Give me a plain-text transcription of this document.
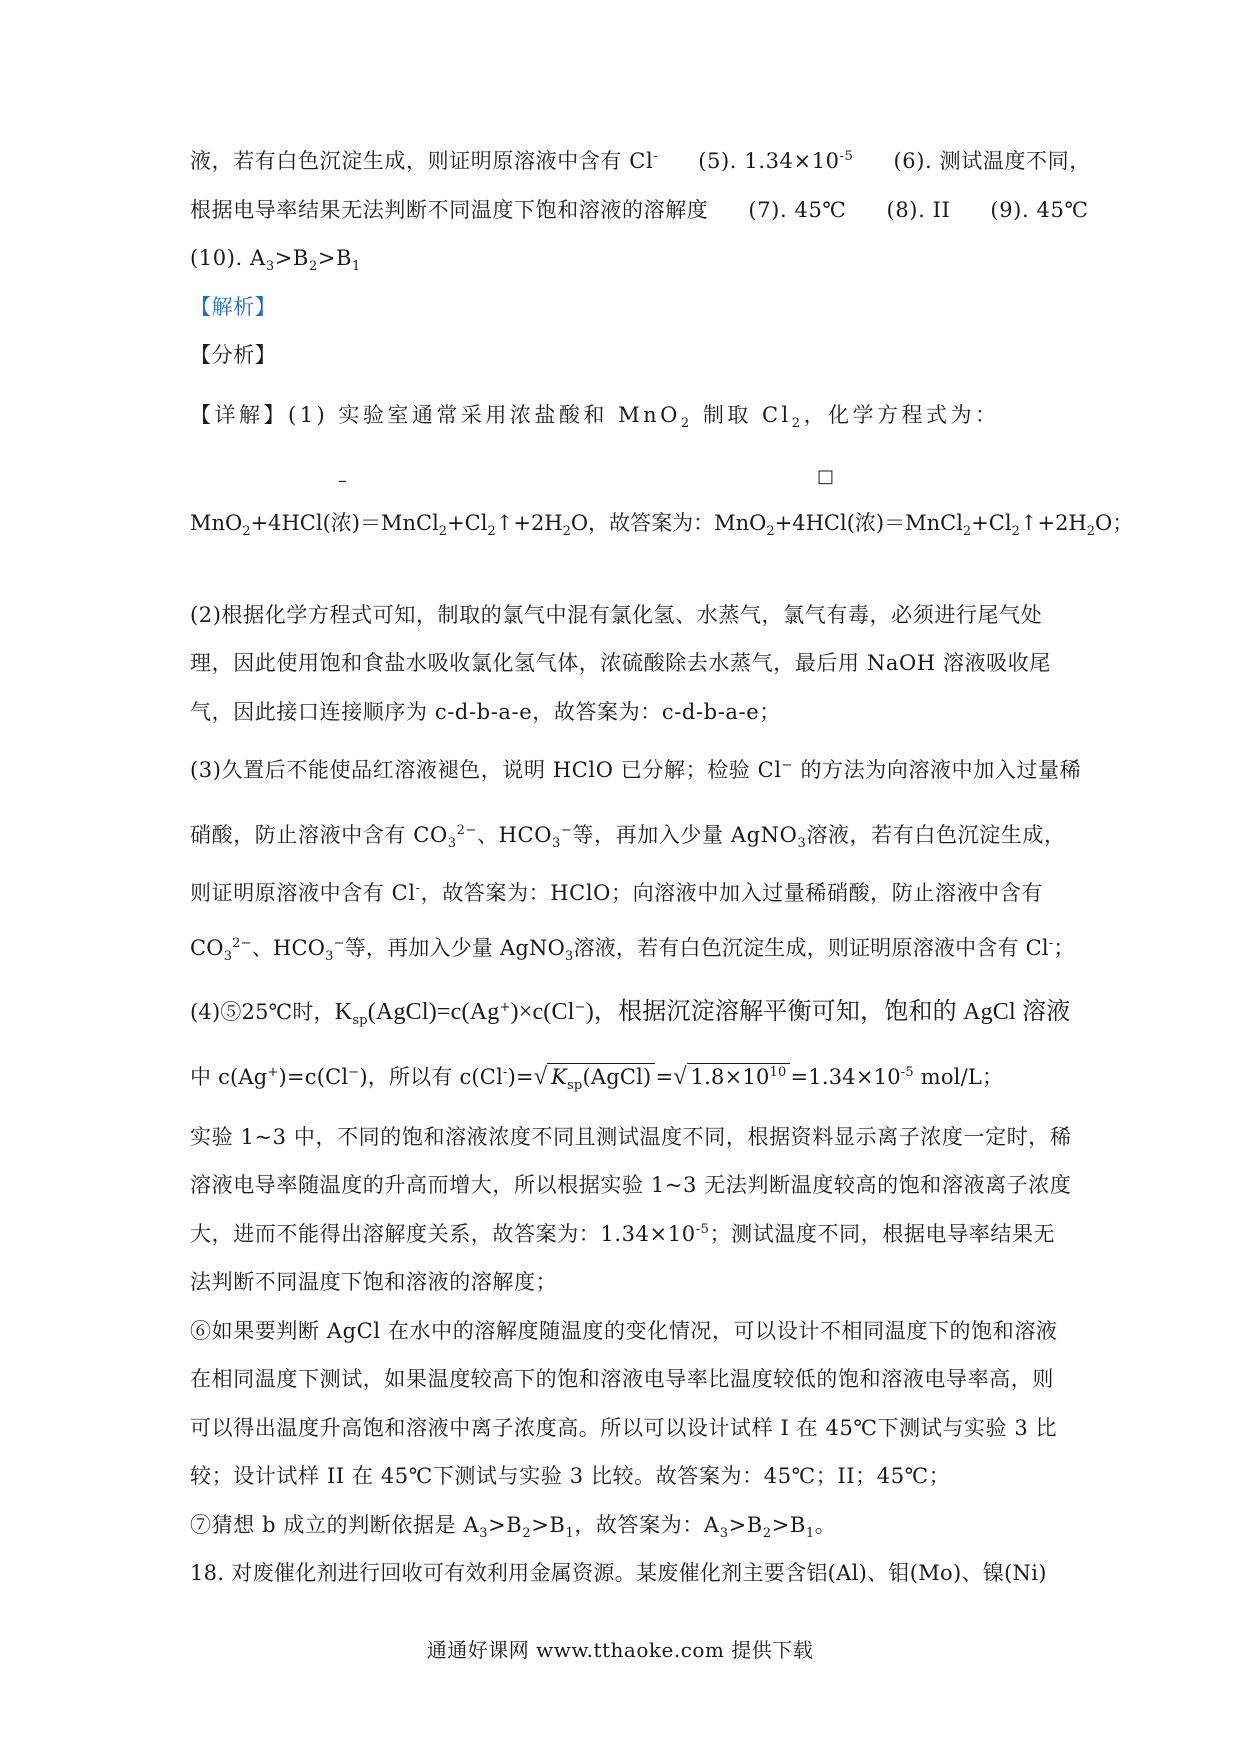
液，若有白色沉淀生成，则证明原溶液中含有 Cl- (5). $1.34\times 10^{-5}$ (6). 测试温度不同，
根据电导率结果无法判断不同温度下饱和溶液的溶解度 (7). 45℃ (8). II (9). 45℃
(10). $A_3>B_2>B_1$
【解析】
【分析】
【详解】(1) 实验室通常采用浓盐酸和 MnO$_2$ 制取 $Cl_2$，化学方程式为：
–	□
MnO$_2$+4HCl(浓)$=MnCl_2+Cl_2↑+2H_2O$，故答案为：MnO$_2$+4HCl(浓)$=MnCl_2+Cl_2↑+2H_2O$；
(2)根据化学方程式可知，制取的氯气中混有氯化氢、水蒸气，氯气有毒，必须进行尾气处
理，因此使用饱和食盐水吸收氯化氢气体，浓硫酸除去水蒸气，最后用 NaOH 溶液吸收尾
气，因此接口连接顺序为 c-d-b-a-e，故答案为：c-d-b-a-e；
(3)久置后不能使品红溶液褪色，说明 HClO 已分解；检验 Cl− 的方法为向溶液中加入过量稀
硝酸，防止溶液中含有 $CO_3^{2-}$、$HCO_3^-$等，再加入少量 AgNO$_3$溶液，若有白色沉淀生成，
则证明原溶液中含有 Cl-，故答案为：HClO；向溶液中加入过量稀硝酸，防止溶液中含有
$CO_3^{2-}$、$HCO_3^-$等，再加入少量 AgNO$_3$溶液，若有白色沉淀生成，则证明原溶液中含有 Cl-；
(4)⑤25℃时，$K_{sp}(AgCl)=c(Ag^+)\times c(Cl^-)$，根据沉淀溶解平衡可知，饱和的 AgCl 溶液
中 c(Ag+)=c(Cl−)，所以有 c(Cl-)=√ $K_{sp}(AgCl)$ =√ $1.8\times 10^{10} =1.34\times 10^{-5}$ mol/L；
实验 1~3 中，不同的饱和溶液浓度不同且测试温度不同，根据资料显示离子浓度一定时，稀
溶液电导率随温度的升高而增大，所以根据实验 1~3 无法判断温度较高的饱和溶液离子浓度
大，进而不能得出溶解度关系，故答案为：$1.34\times 10^{-5}$；测试温度不同，根据电导率结果无
法判断不同温度下饱和溶液的溶解度；
⑥如果要判断 AgCl 在水中的溶解度随温度的变化情况，可以设计不相同温度下的饱和溶液
在相同温度下测试，如果温度较高下的饱和溶液电导率比温度较低的饱和溶液电导率高，则
可以得出温度升高饱和溶液中离子浓度高。所以可以设计试样 I 在 45℃下测试与实验 3 比
较；设计试样 II 在 45℃下测试与实验 3 比较。故答案为：45℃；II；45℃；
⑦猜想 b 成立的判断依据是 $A_3>B_2>B_1$，故答案为：$A_3>B_2>B_1$。
18. 对废催化剂进行回收可有效利用金属资源。某废催化剂主要含铝(Al)、钼(Mo)、镍(Ni)
通通好课网 www.tthaoke.com 提供下载
